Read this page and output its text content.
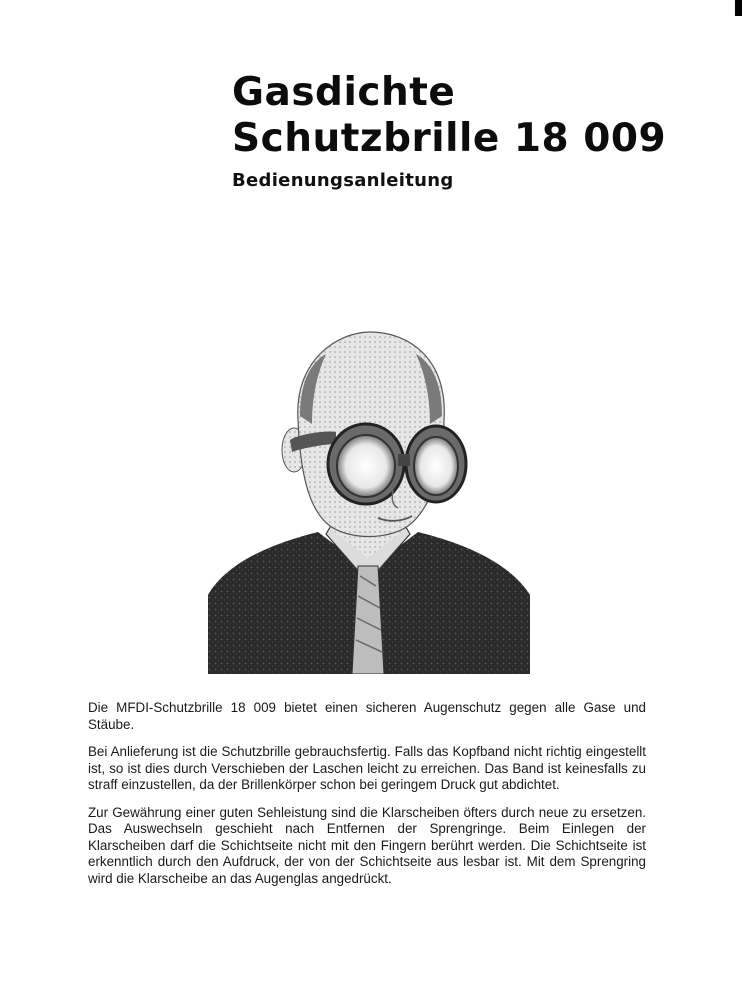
Gasdichte
Schutzbrille 18 009
Bedienungsanleitung

Die MFDI-Schutzbrille 18 009 bietet einen sicheren Augenschutz gegen alle Gase und Stäube.

Bei Anlieferung ist die Schutzbrille gebrauchsfertig. Falls das Kopfband nicht richtig eingestellt ist, so ist dies durch Verschieben der Laschen leicht zu erreichen. Das Band ist keinesfalls zu straff einzustellen, da der Brillenkörper schon bei geringem Druck gut abdichtet.

Zur Gewährung einer guten Sehleistung sind die Klarscheiben öfters durch neue zu ersetzen. Das Auswechseln geschieht nach Entfernen der Sprengringe. Beim Einlegen der Klarscheiben darf die Schichtseite nicht mit den Fingern berührt werden. Die Schichtseite ist erkenntlich durch den Aufdruck, der von der Schichtseite aus lesbar ist. Mit dem Sprengring wird die Klarscheibe an das Augenglas angedrückt.
